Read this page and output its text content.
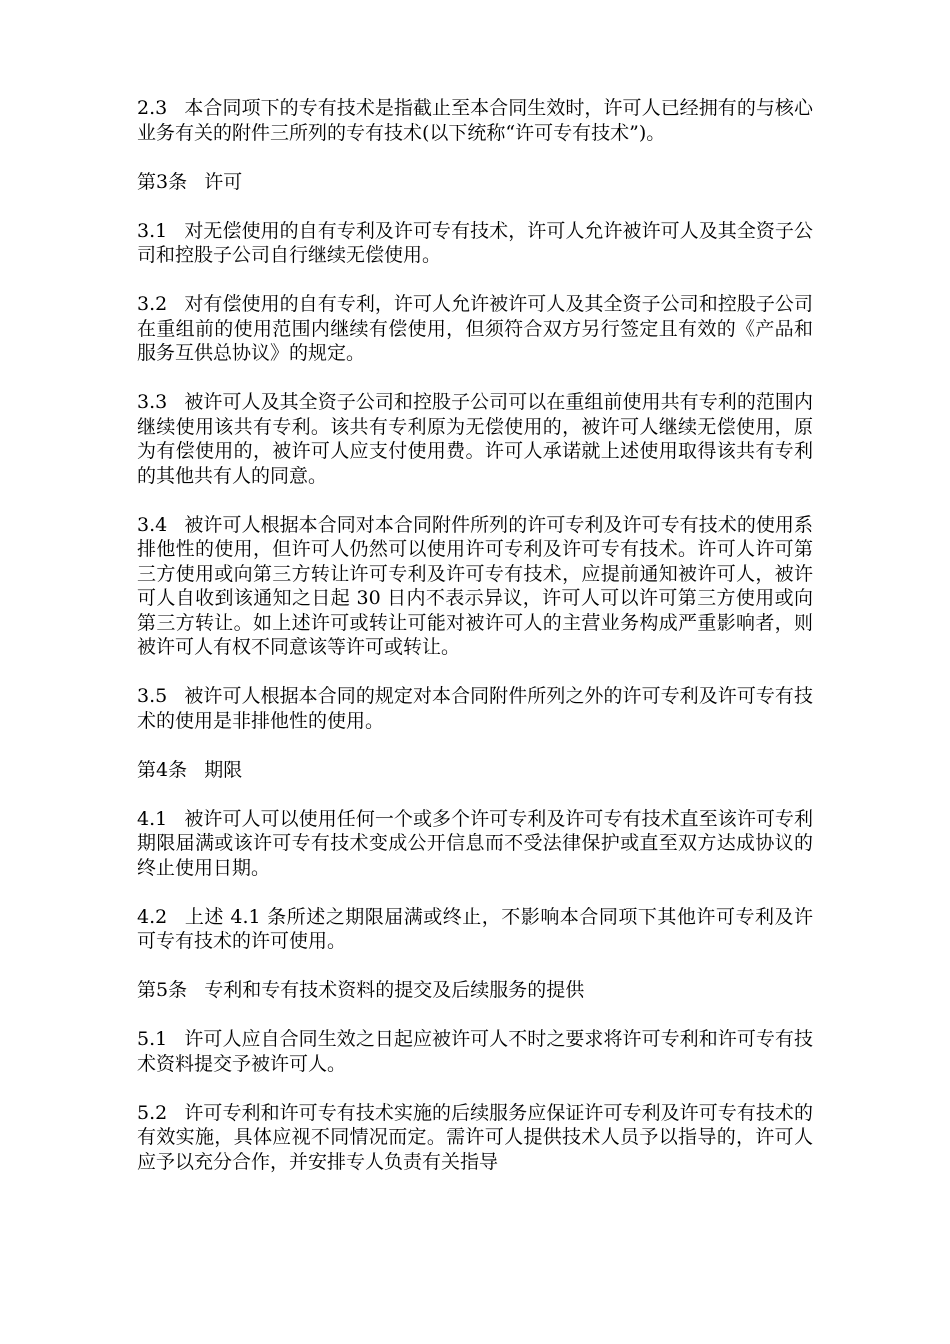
2.3 本合同项下的专有技术是指截止至本合同生效时，许可人已经拥有的与核心业务有关的附件三所列的专有技术(以下统称“许可专有技术”)。

第3条 许可

3.1 对无偿使用的自有专利及许可专有技术，许可人允许被许可人及其全资子公司和控股子公司自行继续无偿使用。

3.2 对有偿使用的自有专利，许可人允许被许可人及其全资子公司和控股子公司在重组前的使用范围内继续有偿使用，但须符合双方另行签定且有效的《产品和服务互供总协议》的规定。

3.3 被许可人及其全资子公司和控股子公司可以在重组前使用共有专利的范围内继续使用该共有专利。该共有专利原为无偿使用的，被许可人继续无偿使用，原为有偿使用的，被许可人应支付使用费。许可人承诺就上述使用取得该共有专利的其他共有人的同意。

3.4 被许可人根据本合同对本合同附件所列的许可专利及许可专有技术的使用系排他性的使用，但许可人仍然可以使用许可专利及许可专有技术。许可人许可第三方使用或向第三方转让许可专利及许可专有技术，应提前通知被许可人，被许可人自收到该通知之日起 30 日内不表示异议，许可人可以许可第三方使用或向第三方转让。如上述许可或转让可能对被许可人的主营业务构成严重影响者，则被许可人有权不同意该等许可或转让。

3.5 被许可人根据本合同的规定对本合同附件所列之外的许可专利及许可专有技术的使用是非排他性的使用。

第4条 期限

4.1 被许可人可以使用任何一个或多个许可专利及许可专有技术直至该许可专利期限届满或该许可专有技术变成公开信息而不受法律保护或直至双方达成协议的终止使用日期。

4.2 上述 4.1 条所述之期限届满或终止，不影响本合同项下其他许可专利及许可专有技术的许可使用。

第5条 专利和专有技术资料的提交及后续服务的提供

5.1 许可人应自合同生效之日起应被许可人不时之要求将许可专利和许可专有技术资料提交予被许可人。

5.2 许可专利和许可专有技术实施的后续服务应保证许可专利及许可专有技术的有效实施，具体应视不同情况而定。需许可人提供技术人员予以指导的，许可人应予以充分合作，并安排专人负责有关指导
